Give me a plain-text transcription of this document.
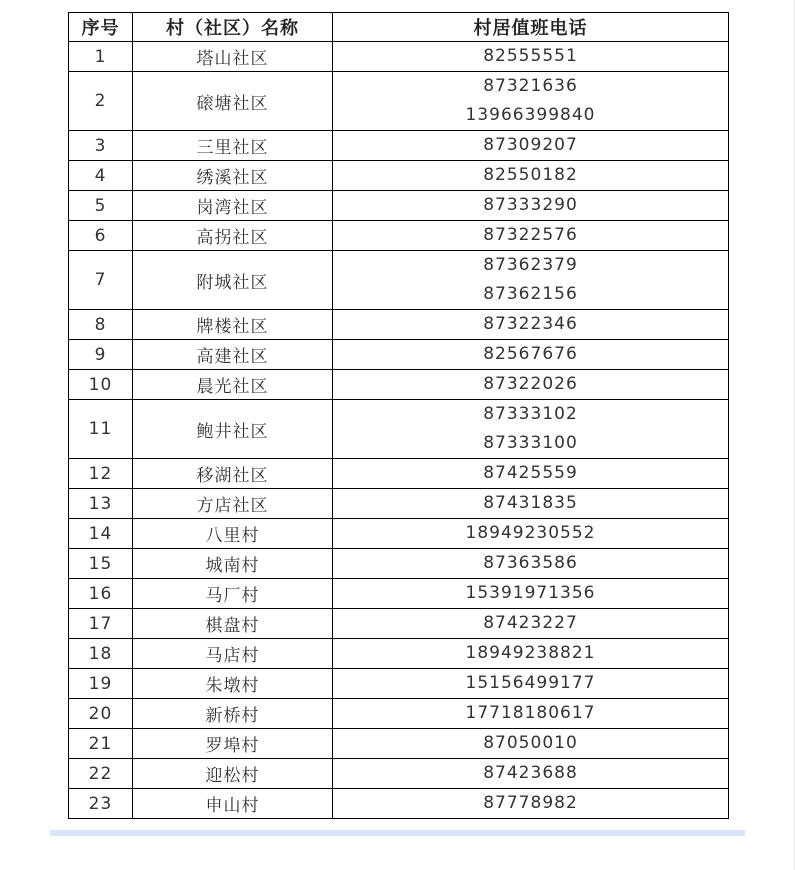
序号	村（社区）名称	村居值班电话
1	塔山社区	82555551

2	磙塘社区	87321636
13966399840

3	三里社区	87309207

4	绣溪社区	82550182

5	岗湾社区	87333290

6	高拐社区	87322576

7	附城社区	87362379
87362156

8	牌楼社区	87322346

9	高建社区	82567676

10	晨光社区	87322026

11	鲍井社区	87333102
87333100

12	移湖社区	87425559

13	方店社区	87431835

14	八里村	18949230552

15	城南村	87363586

16	马厂村	15391971356

17	棋盘村	87423227

18	马店村	18949238821

19	朱墩村	15156499177

20	新桥村	17718180617

21	罗埠村	87050010

22	迎松村	87423688

23	申山村	87778982
